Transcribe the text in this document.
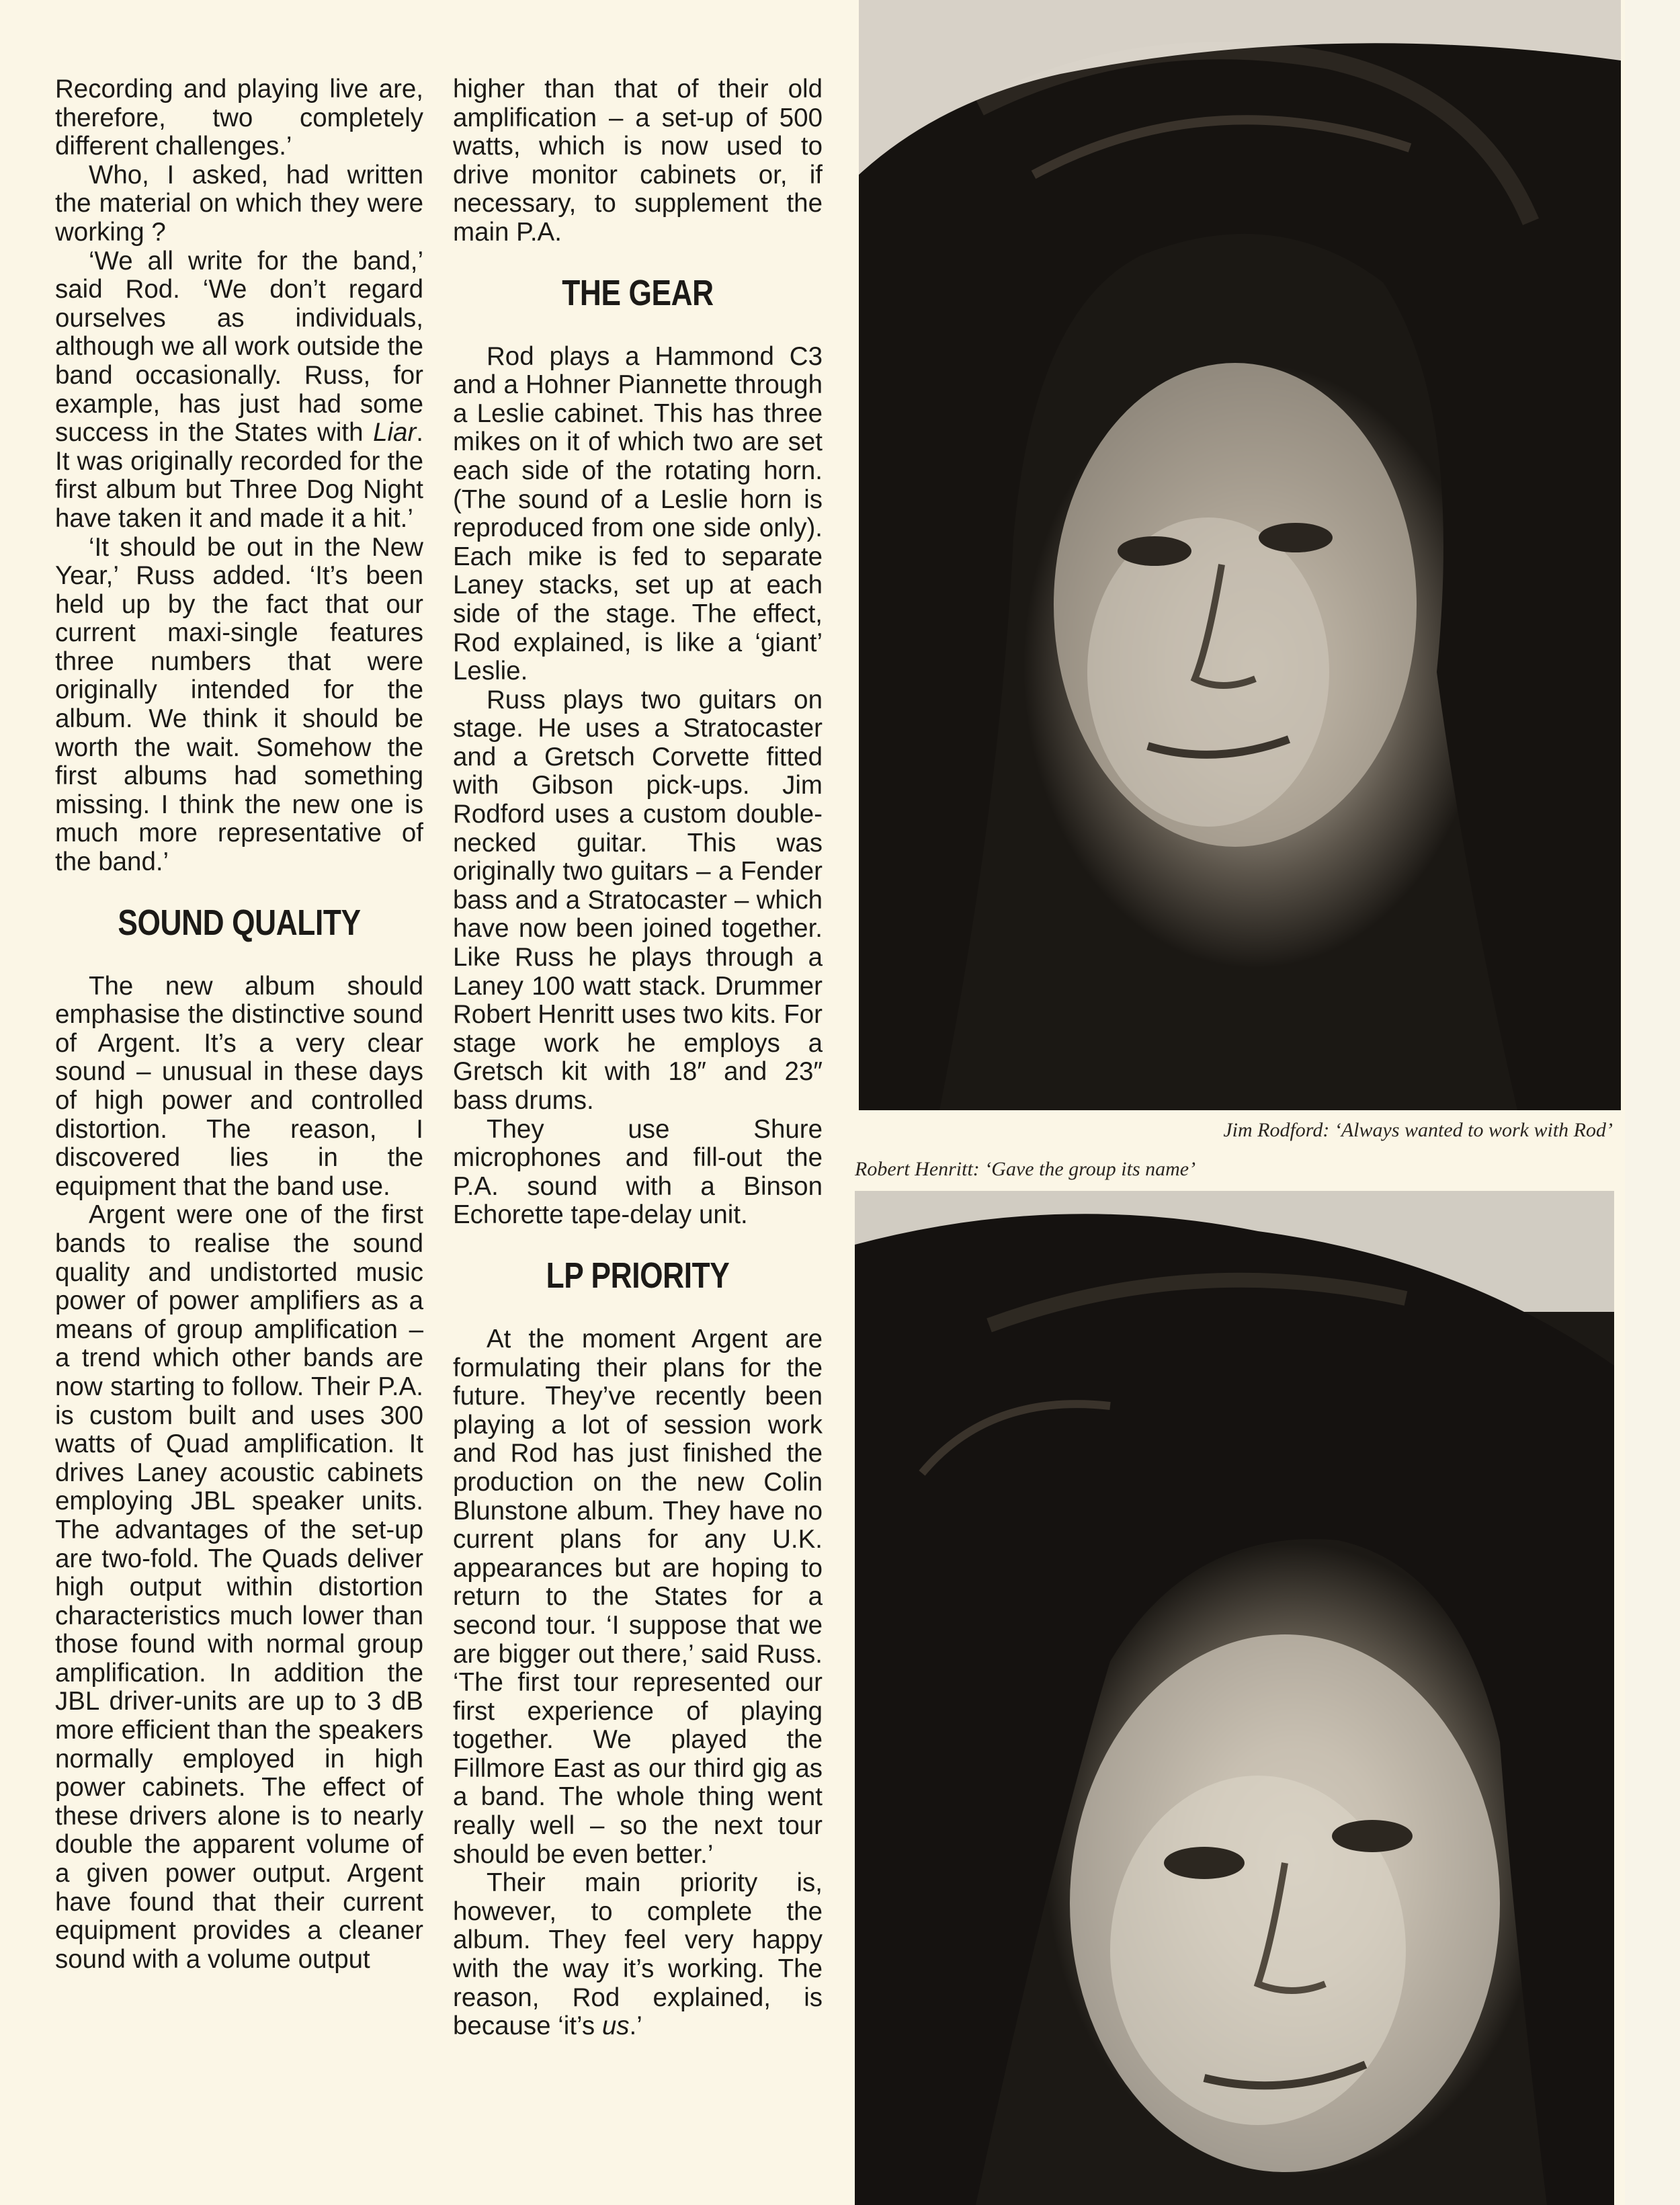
Recording and playing live are, therefore, two completely different challenges.’

Who, I asked, had written the material on which they were working ?

‘We all write for the band,’ said Rod. ‘We don’t regard ourselves as individuals, although we all work outside the band occasionally. Russ, for example, has just had some success in the States with Liar. It was originally recorded for the first album but Three Dog Night have taken it and made it a hit.’

‘It should be out in the New Year,’ Russ added. ‘It’s been held up by the fact that our current maxi-single features three numbers that were originally intended for the album. We think it should be worth the wait. Somehow the first albums had something missing. I think the new one is much more representative of the band.’

SOUND QUALITY

The new album should emphasise the distinctive sound of Argent. It’s a very clear sound – unusual in these days of high power and controlled distortion. The reason, I discovered lies in the equipment that the band use.

Argent were one of the first bands to realise the sound quality and undistorted music power of power amplifiers as a means of group amplification – a trend which other bands are now starting to follow. Their P.A. is custom built and uses 300 watts of Quad amplification. It drives Laney acoustic cabinets employing JBL speaker units. The advantages of the set-up are two-fold. The Quads deliver high output within distortion characteristics much lower than those found with normal group amplification. In addition the JBL driver-units are up to 3 dB more efficient than the speakers normally employed in high power cabinets. The effect of these drivers alone is to nearly double the apparent volume of a given power output. Argent have found that their current equipment provides a cleaner sound with a volume output

higher than that of their old amplification – a set-up of 500 watts, which is now used to drive monitor cabinets or, if necessary, to supplement the main P.A.

THE GEAR

Rod plays a Hammond C3 and a Hohner Piannette through a Leslie cabinet. This has three mikes on it of which two are set each side of the rotating horn. (The sound of a Leslie horn is reproduced from one side only). Each mike is fed to separate Laney stacks, set up at each side of the stage. The effect, Rod explained, is like a ‘giant’ Leslie.

Russ plays two guitars on stage. He uses a Stratocaster and a Gretsch Corvette fitted with Gibson pick-ups. Jim Rodford uses a custom double-necked guitar. This was originally two guitars – a Fender bass and a Stratocaster – which have now been joined together. Like Russ he plays through a Laney 100 watt stack. Drummer Robert Henritt uses two kits. For stage work he employs a Gretsch kit with 18″ and 23″ bass drums.

They use Shure microphones and fill-out the P.A. sound with a Binson Echorette tape-delay unit.

LP PRIORITY

At the moment Argent are formulating their plans for the future. They’ve recently been playing a lot of session work and Rod has just finished the production on the new Colin Blunstone album. They have no current plans for any U.K. appearances but are hoping to return to the States for a second tour. ‘I suppose that we are bigger out there,’ said Russ. ‘The first tour represented our first experience of playing together. We played the Fillmore East as our third gig as a band. The whole thing went really well – so the next tour should be even better.’

Their main priority is, however, to complete the album. They feel very happy with the way it’s working. The reason, Rod explained, is because ‘it’s us.’

Jim Rodford: ‘Always wanted to work with Rod’
Robert Henritt: ‘Gave the group its name’
